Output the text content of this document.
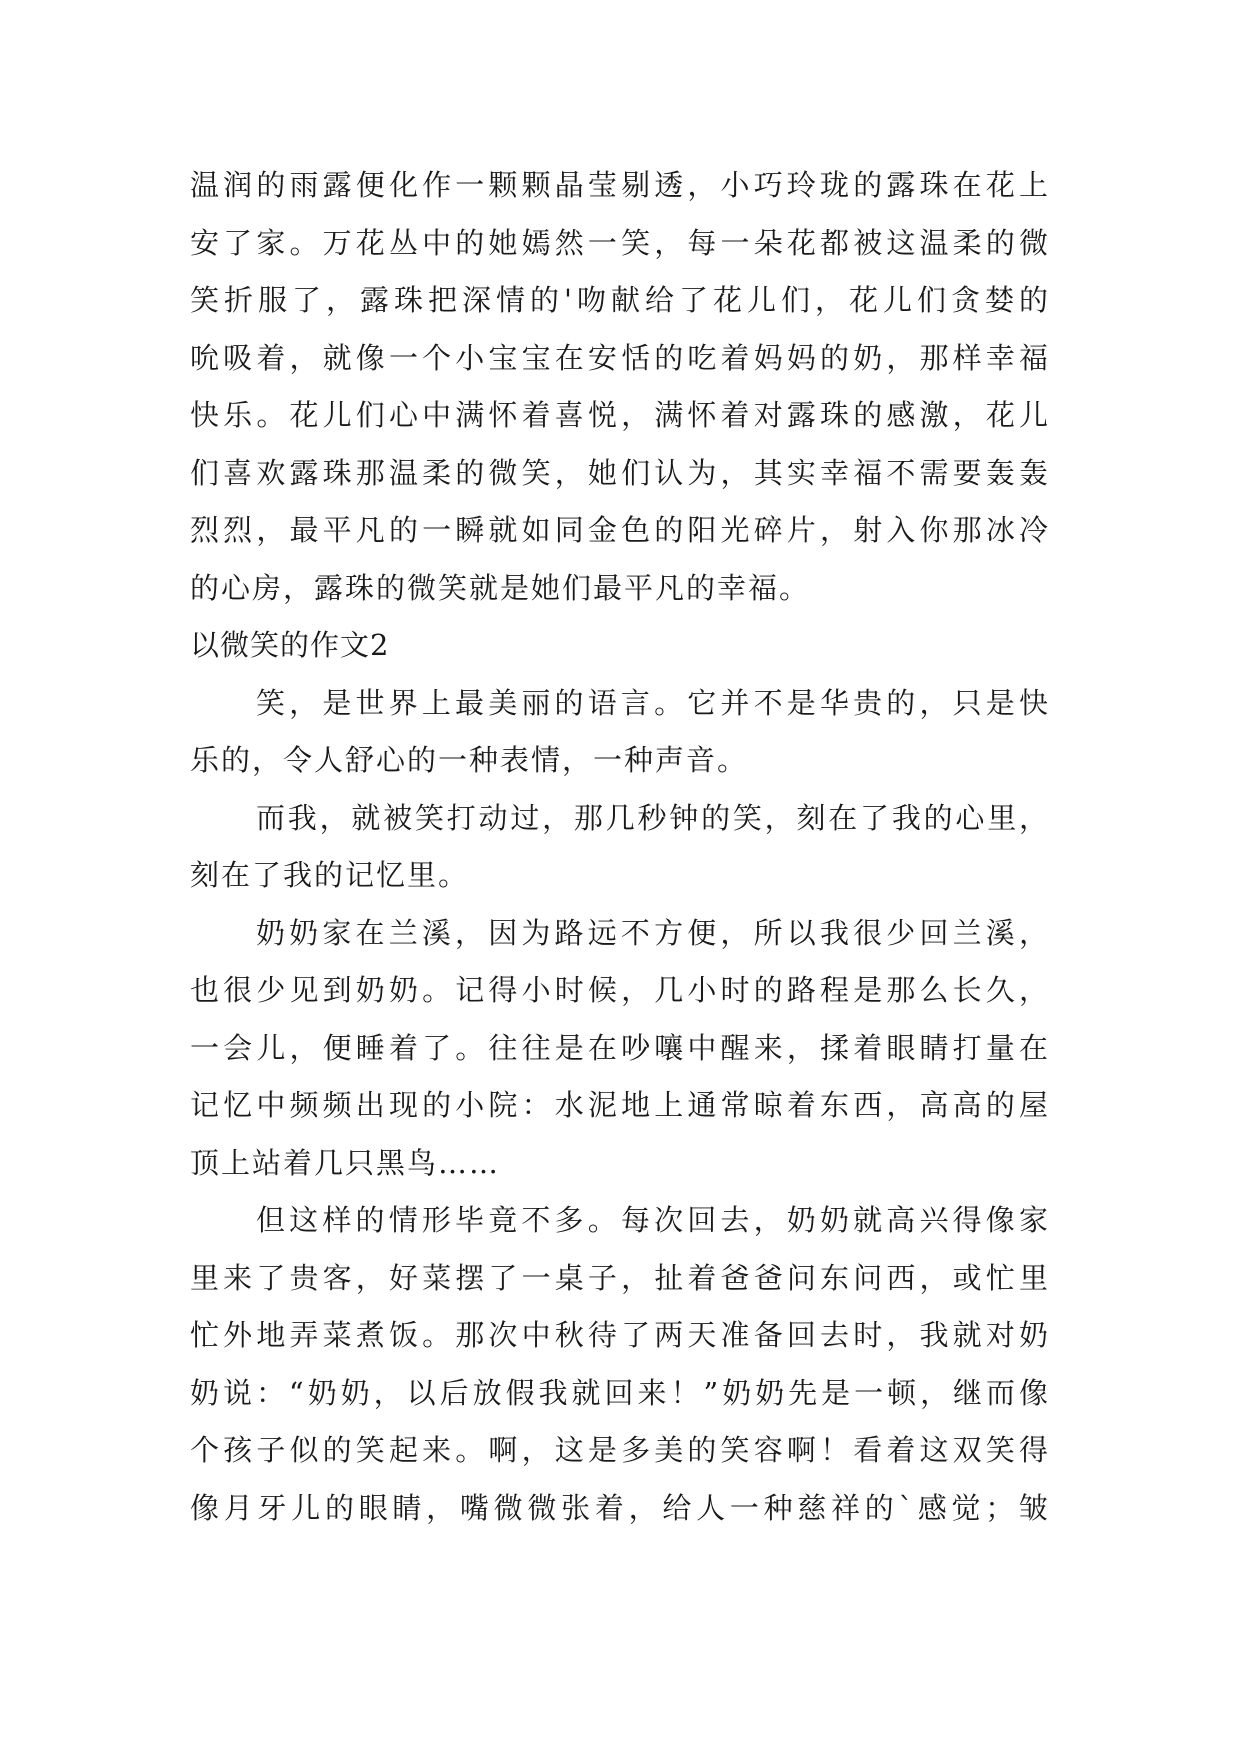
温润的雨露便化作一颗颗晶莹剔透，小巧玲珑的露珠在花上
安了家。万花丛中的她嫣然一笑，每一朵花都被这温柔的微
笑折服了，露珠把深情的'吻献给了花儿们，花儿们贪婪的
吮吸着，就像一个小宝宝在安恬的吃着妈妈的奶，那样幸福
快乐。花儿们心中满怀着喜悦，满怀着对露珠的感激，花儿
们喜欢露珠那温柔的微笑，她们认为，其实幸福不需要轰轰
烈烈，最平凡的一瞬就如同金色的阳光碎片，射入你那冰冷
的心房，露珠的微笑就是她们最平凡的幸福。
以微笑的作文2
笑，是世界上最美丽的语言。它并不是华贵的，只是快
乐的，令人舒心的一种表情，一种声音。
而我，就被笑打动过，那几秒钟的笑，刻在了我的心里，
刻在了我的记忆里。
奶奶家在兰溪，因为路远不方便，所以我很少回兰溪，
也很少见到奶奶。记得小时候，几小时的路程是那么长久，
一会儿，便睡着了。往往是在吵嚷中醒来，揉着眼睛打量在
记忆中频频出现的小院：水泥地上通常晾着东西，高高的屋
顶上站着几只黑鸟……
但这样的情形毕竟不多。每次回去，奶奶就高兴得像家
里来了贵客，好菜摆了一桌子，扯着爸爸问东问西，或忙里
忙外地弄菜煮饭。那次中秋待了两天准备回去时，我就对奶
奶说：“奶奶，以后放假我就回来！”奶奶先是一顿，继而像
个孩子似的笑起来。啊，这是多美的笑容啊！看着这双笑得
像月牙儿的眼睛，嘴微微张着，给人一种慈祥的`感觉；皱
